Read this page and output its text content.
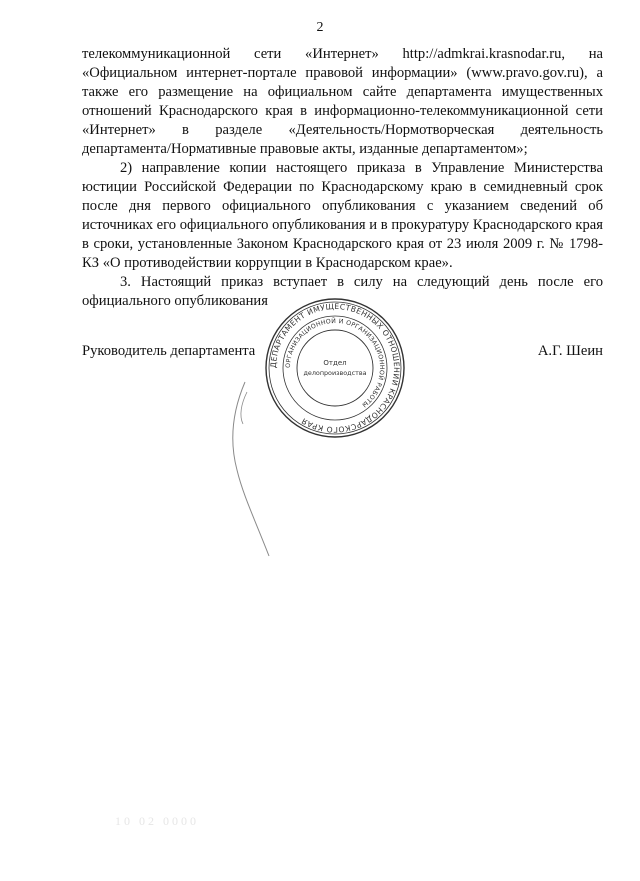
2

телекоммуникационной сети «Интернет» http://admkrai.krasnodar.ru, на «Официальном интернет-портале правовой информации» (www.pravo.gov.ru), а также его размещение на официальном сайте департамента имущественных отношений Краснодарского края в информационно-телекоммуникационной сети «Интернет» в разделе «Деятельность/Нормотворческая деятельность департамента/Нормативные правовые акты, изданные департаментом»;

2) направление копии настоящего приказа в Управление Министерства юстиции Российской Федерации по Краснодарскому краю в семидневный срок после дня первого официального опубликования с указанием сведений об источниках его официального опубликования и в прокуратуру Краснодарского края в сроки, установленные Законом Краснодарского края от 23 июля 2009 г. № 1798-КЗ «О противодействии коррупции в Краснодарском крае».

3. Настоящий приказ вступает в силу на следующий день после его официального опубликования

Руководитель департамента	А.Г. Шеин
ДЕПАРТАМЕНТ ИМУЩЕСТВЕННЫХ ОТНОШЕНИЙ КРАСНОДАРСКОГО КРАЯ
ОРГАНИЗАЦИОННОЙ И ОРГАНИЗАЦИОННОЙ РАБОТЫ
Отдел
делопроизводства
10 02 0000
